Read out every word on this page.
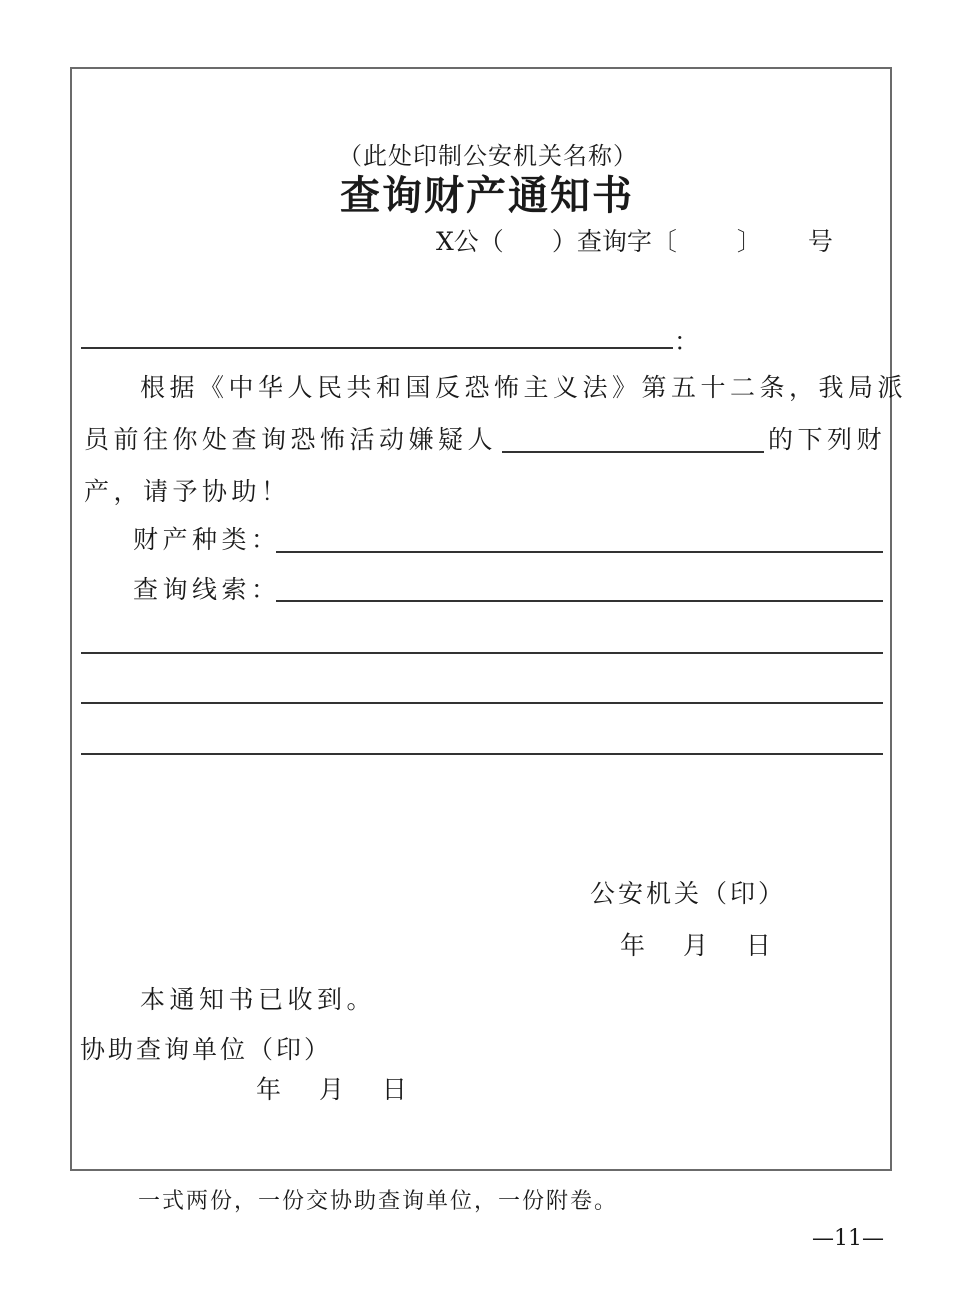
（此处印制公安机关名称）
查询财产通知书
X公（ ）查询字〔 〕 号
：
根据《中华人民共和国反恐怖主义法》第五十二条，我局派
员前往你处查询恐怖活动嫌疑人	的下列财
产，请予协助！
财产种类：
查询线索：
公安机关（印）
年 月 日
本通知书已收到。
协助查询单位（印）
年 月 日
一式两份，一份交协助查询单位，一份附卷。
—11—
